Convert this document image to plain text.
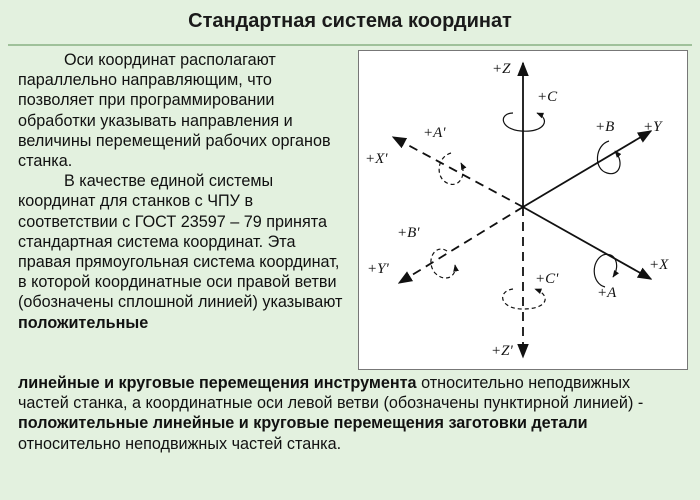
Стандартная система координат

Оси координат располагают параллельно направляющим, что позволяет при программировании обработки указывать направления и величины перемещений рабочих органов станка.

В качестве единой системы координат для станков с ЧПУ в соответствии с ГОСТ 23597 – 79 принята стандартная система координат. Эта правая прямоугольная система координат, в которой координатные оси правой ветви (обозначены сплошной линией) указывают положительные

+Z
+C
+A'	+B +Y
+X'
+B'
+Y'
+C'
+X
+A
+Z'

линейные и круговые перемещения инструмента относительно неподвижных частей станка, а координатные оси левой ветви (обозначены пунктирной линией) - положительные линейные и круговые перемещения заготовки детали относительно неподвижных частей станка.
